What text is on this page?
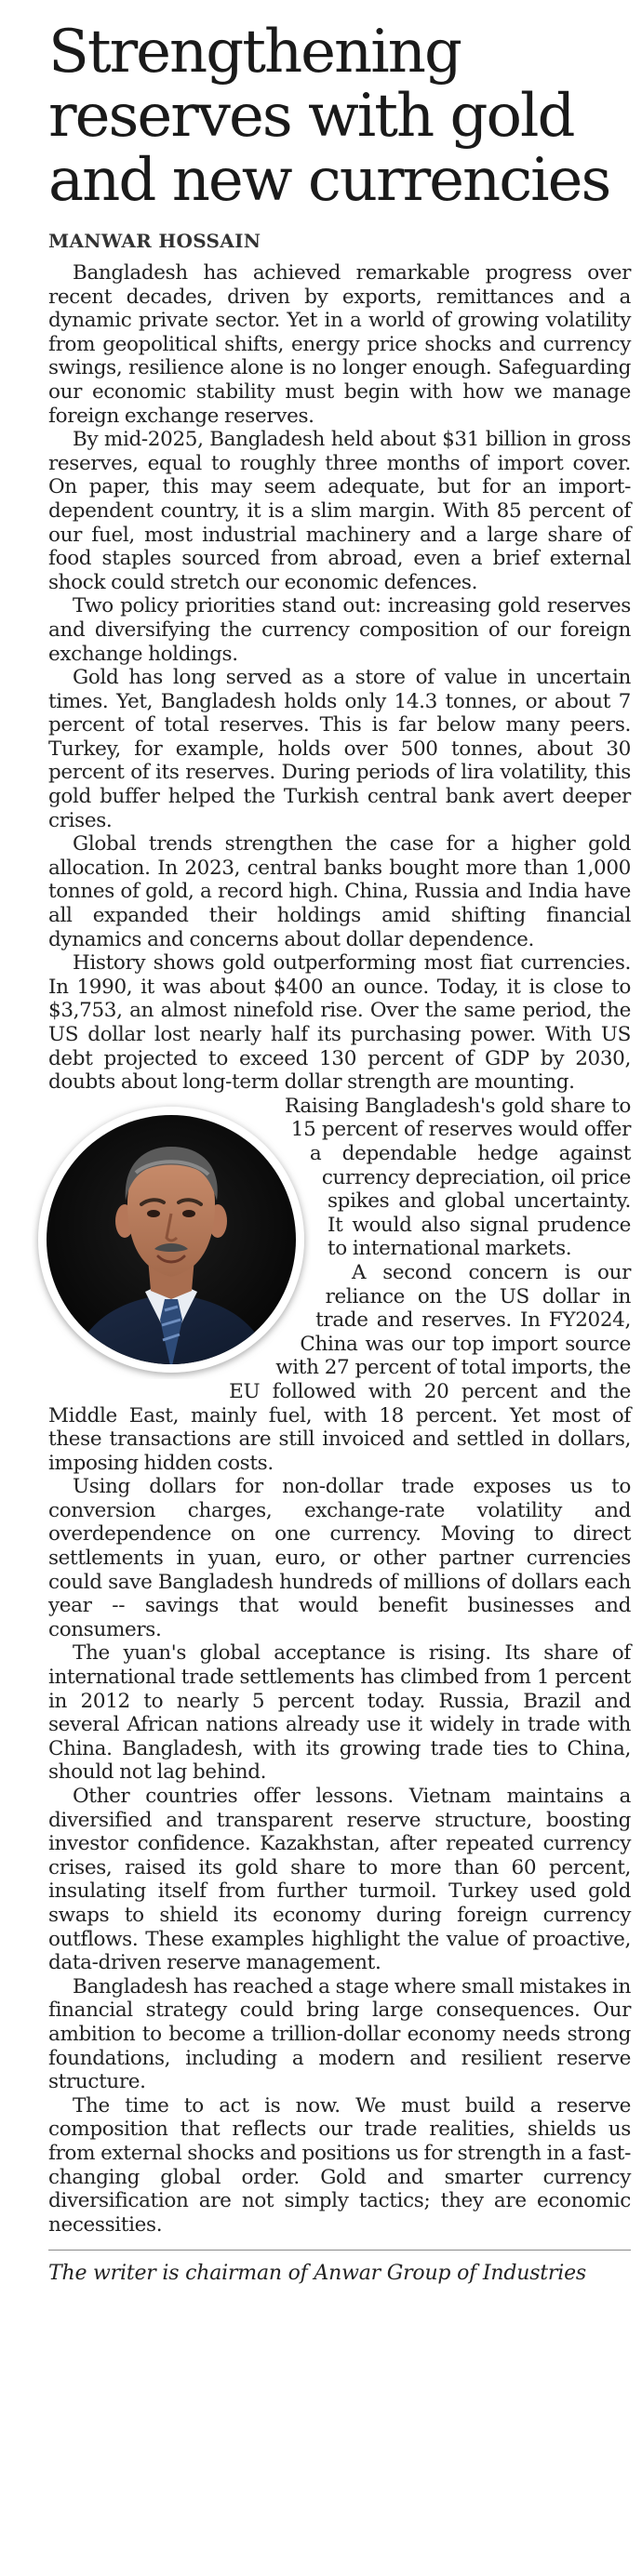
Strengthening reserves with gold and new currencies
MANWAR HOSSAIN

Bangladesh has achieved remarkable progress over recent decades, driven by exports, remittances and a dynamic private sector. Yet in a world of growing volatility from geopolitical shifts, energy price shocks and currency swings, resilience alone is no longer enough. Safeguarding our economic stability must begin with how we manage foreign exchange reserves.

By mid-2025, Bangladesh held about $31 billion in gross reserves, equal to roughly three months of import cover. On paper, this may seem adequate, but for an import-dependent country, it is a slim margin. With 85 percent of our fuel, most industrial machinery and a large share of food staples sourced from abroad, even a brief external shock could stretch our economic defences.

Two policy priorities stand out: increasing gold reserves and diversifying the currency composition of our foreign exchange holdings.

Gold has long served as a store of value in uncertain times. Yet, Bangladesh holds only 14.3 tonnes, or about 7 percent of total reserves. This is far below many peers. Turkey, for example, holds over 500 tonnes, about 30 percent of its reserves. During periods of lira volatility, this gold buffer helped the Turkish central bank avert deeper crises.

Global trends strengthen the case for a higher gold allocation. In 2023, central banks bought more than 1,000 tonnes of gold, a record high. China, Russia and India have all expanded their holdings amid shifting financial dynamics and concerns about dollar dependence.

History shows gold outperforming most fiat currencies. In 1990, it was about $400 an ounce. Today, it is close to $3,753, an almost ninefold rise. Over the same period, the US dollar lost nearly half its purchasing power. With US debt projected to exceed 130 percent of GDP by 2030, doubts about long-term dollar strength are mounting.

Raising Bangladesh's gold share to 15 percent of reserves would offer a dependable hedge against currency depreciation, oil price spikes and global uncertainty. It would also signal prudence to international markets.

A second concern is our reliance on the US dollar in trade and reserves. In FY2024, China was our top import source with 27 percent of total imports, the EU followed with 20 percent and the Middle East, mainly fuel, with 18 percent. Yet most of these transactions are still invoiced and settled in dollars, imposing hidden costs.

Using dollars for non-dollar trade exposes us to conversion charges, exchange-rate volatility and overdependence on one currency. Moving to direct settlements in yuan, euro, or other partner currencies could save Bangladesh hundreds of millions of dollars each year -- savings that would benefit businesses and consumers.

The yuan's global acceptance is rising. Its share of international trade settlements has climbed from 1 percent in 2012 to nearly 5 percent today. Russia, Brazil and several African nations already use it widely in trade with China. Bangladesh, with its growing trade ties to China, should not lag behind.

Other countries offer lessons. Vietnam maintains a diversified and transparent reserve structure, boosting investor confidence. Kazakhstan, after repeated currency crises, raised its gold share to more than 60 percent, insulating itself from further turmoil. Turkey used gold swaps to shield its economy during foreign currency outflows. These examples highlight the value of proactive, data-driven reserve management.

Bangladesh has reached a stage where small mistakes in financial strategy could bring large consequences. Our ambition to become a trillion-dollar economy needs strong foundations, including a modern and resilient reserve structure.

The time to act is now. We must build a reserve composition that reflects our trade realities, shields us from external shocks and positions us for strength in a fast-changing global order. Gold and smarter currency diversification are not simply tactics; they are economic necessities.

The writer is chairman of Anwar Group of Industries
